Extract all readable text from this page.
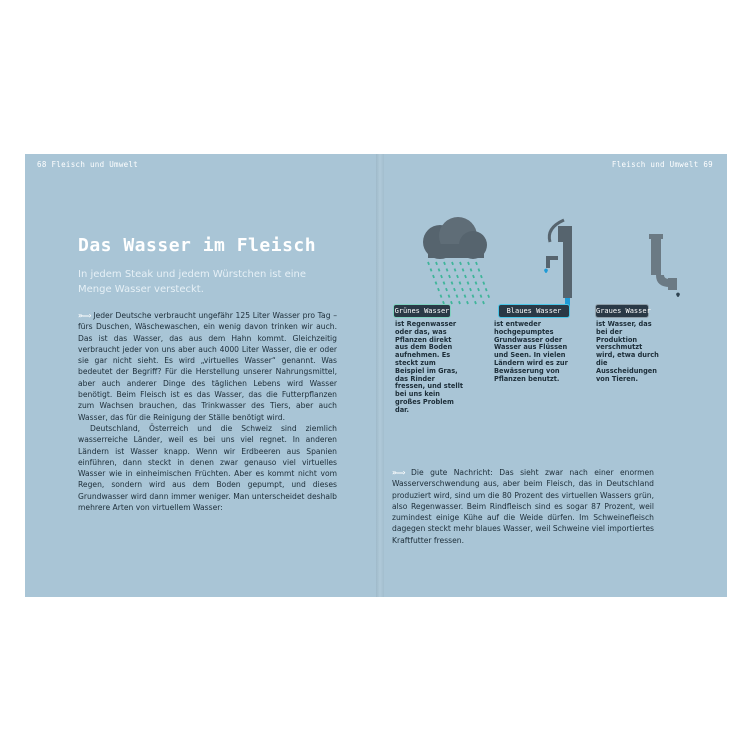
68 Fleisch und Umwelt	Fleisch und Umwelt 69
Das Wasser im Fleisch
In jedem Steak und jedem Würstchen ist eine Menge Wasser versteckt.

»—› Jeder Deutsche verbraucht ungefähr 125 Liter Wasser pro Tag – fürs Duschen, Wäschewaschen, ein wenig davon trinken wir auch. Das ist das Wasser, das aus dem Hahn kommt. Gleichzeitig verbraucht jeder von uns aber auch 4000 Liter Wasser, die er oder sie gar nicht sieht. Es wird „virtuelles Wasser“ genannt. Was bedeutet der Begriff? Für die Herstellung unserer Nahrungsmittel, aber auch anderer Dinge des täglichen Lebens wird Wasser benötigt. Beim Fleisch ist es das Wasser, das die Futterpflanzen zum Wachsen brauchen, das Trinkwasser des Tiers, aber auch Wasser, das für die Reinigung der Ställe benötigt wird.

Deutschland, Österreich und die Schweiz sind ziemlich wasserreiche Länder, weil es bei uns viel regnet. In anderen Ländern ist Wasser knapp. Wenn wir Erdbeeren aus Spanien einführen, dann steckt in denen zwar genauso viel virtuelles Wasser wie in einheimischen Früchten. Aber es kommt nicht vom Regen, sondern wird aus dem Boden gepumpt, und dieses Grundwasser wird dann immer weniger. Man unterscheidet deshalb mehrere Arten von virtuellem Wasser:

Grünes Wasser	Blaues Wasser	Graues Wasser
ist Regenwasser oder das, was Pflanzen direkt aus dem Boden aufnehmen. Es steckt zum Beispiel im Gras, das Rinder fressen, und stellt bei uns kein großes Problem dar.
ist entweder hochgepumptes Grundwasser oder Wasser aus Flüssen und Seen. In vielen Ländern wird es zur Bewässerung von Pflanzen benutzt.
ist Wasser, das bei der Produktion verschmutzt wird, etwa durch die Ausscheidungen von Tieren.

»—› Die gute Nachricht: Das sieht zwar nach einer enormen Wasserverschwendung aus, aber beim Fleisch, das in Deutschland produziert wird, sind um die 80 Prozent des virtuellen Wassers grün, also Regenwasser. Beim Rindfleisch sind es sogar 87 Prozent, weil zumindest einige Kühe auf die Weide dürfen. Im Schweinefleisch dagegen steckt mehr blaues Wasser, weil Schweine viel importiertes Kraftfutter fressen.
